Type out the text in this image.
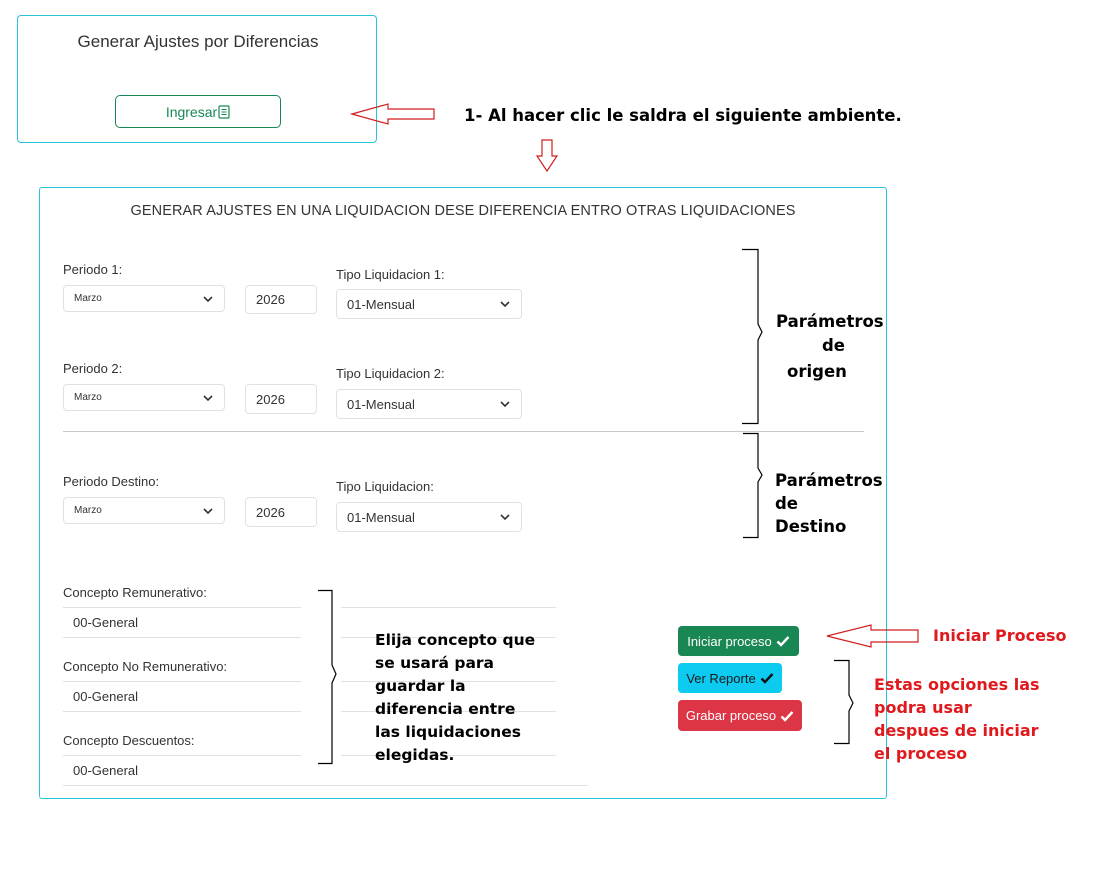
Generar Ajustes por Diferencias
Ingresar	1- Al hacer clic le saldra el siguiente ambiente.
GENERAR AJUSTES EN UNA LIQUIDACION DESE DIFERENCIA ENTRO OTRAS LIQUIDACIONES
Periodo 1:
Marzo	2026
Tipo Liquidacion 1:
01-Mensual
Periodo 2:
Marzo	2026
Tipo Liquidacion 2:
01-Mensual
Periodo Destino:
Marzo	2026
Tipo Liquidacion:
01-Mensual
Concepto Remunerativo:
00-General
Concepto No Remunerativo:
00-General
Concepto Descuentos:
00-General
Iniciar proceso
Ver Reporte
Grabar proceso
Elija concepto que
se usará para
guardar la
diferencia entre
las liquidaciones
elegidas.
Parámetros
de
origen
Parámetros
de
Destino
Iniciar Proceso
Estas opciones las
podra usar
despues de iniciar
el proceso
